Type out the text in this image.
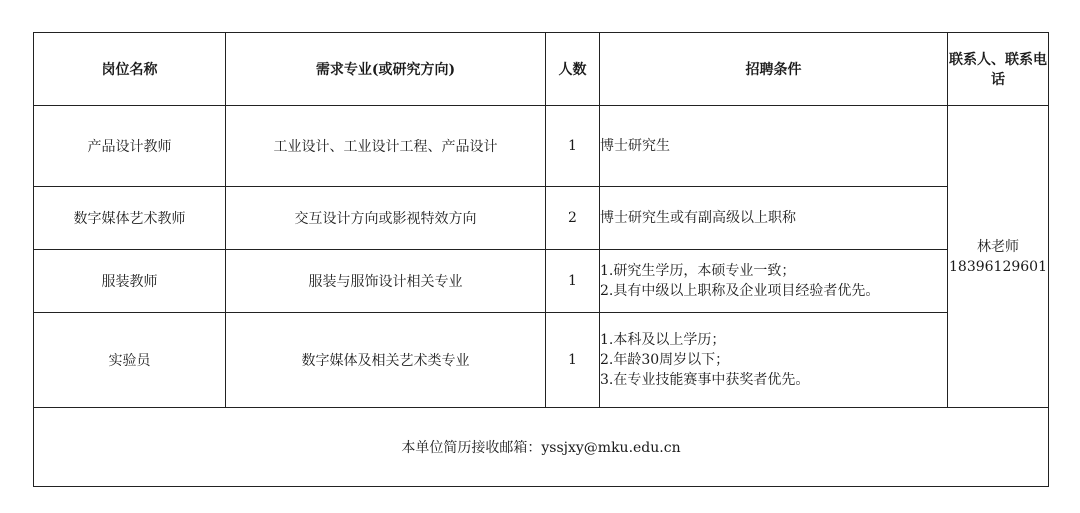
岗位名称	需求专业(或研究方向)	人数	招聘条件	联系人、联系电话
产品设计教师	工业设计、工业设计工程、产品设计	1	博士研究生	林老师
18396129601

数字媒体艺术教师	交互设计方向或影视特效方向	2	博士研究生或有副高级以上职称	

服装教师	服装与服饰设计相关专业	1	1.研究生学历，本硕专业一致；
2.具有中级以上职称及企业项目经验者优先。	

实验员	数字媒体及相关艺术类专业	1	1.本科及以上学历；
2.年龄30周岁以下；
3.在专业技能赛事中获奖者优先。	

本单位简历接收邮箱：yssjxy@mku.edu.cn				
